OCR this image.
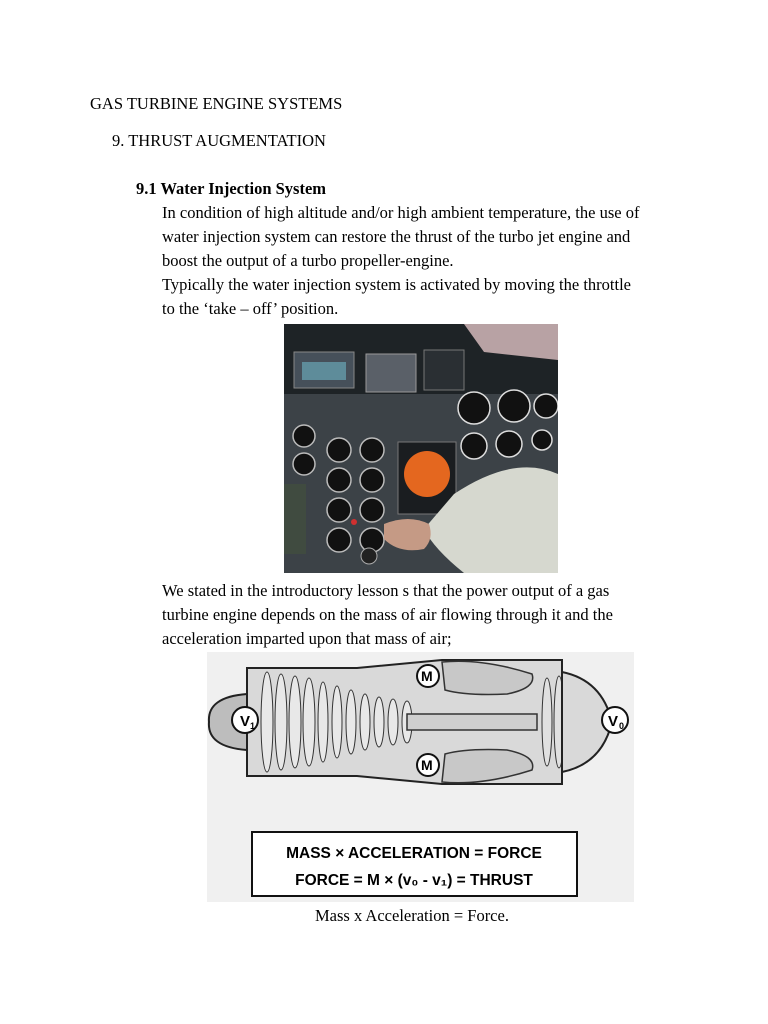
GAS TURBINE ENGINE SYSTEMS
9. THRUST AUGMENTATION
9.1 Water Injection System
In condition of high altitude and/or high ambient temperature, the use of
water injection system can restore the thrust of the turbo jet engine and
boost the output of a turbo propeller-engine.
Typically the water injection system is activated by moving the throttle
to the ‘take – off’ position.
We stated in the introductory lesson s that the power output of a gas
turbine engine depends on the mass of air flowing through it and the
acceleration imparted upon that mass of air;
V 1	V 0
M
M
MASS × ACCELERATION = FORCE
FORCE = M × (v₀ - v₁) = THRUST
Mass x Acceleration = Force.
